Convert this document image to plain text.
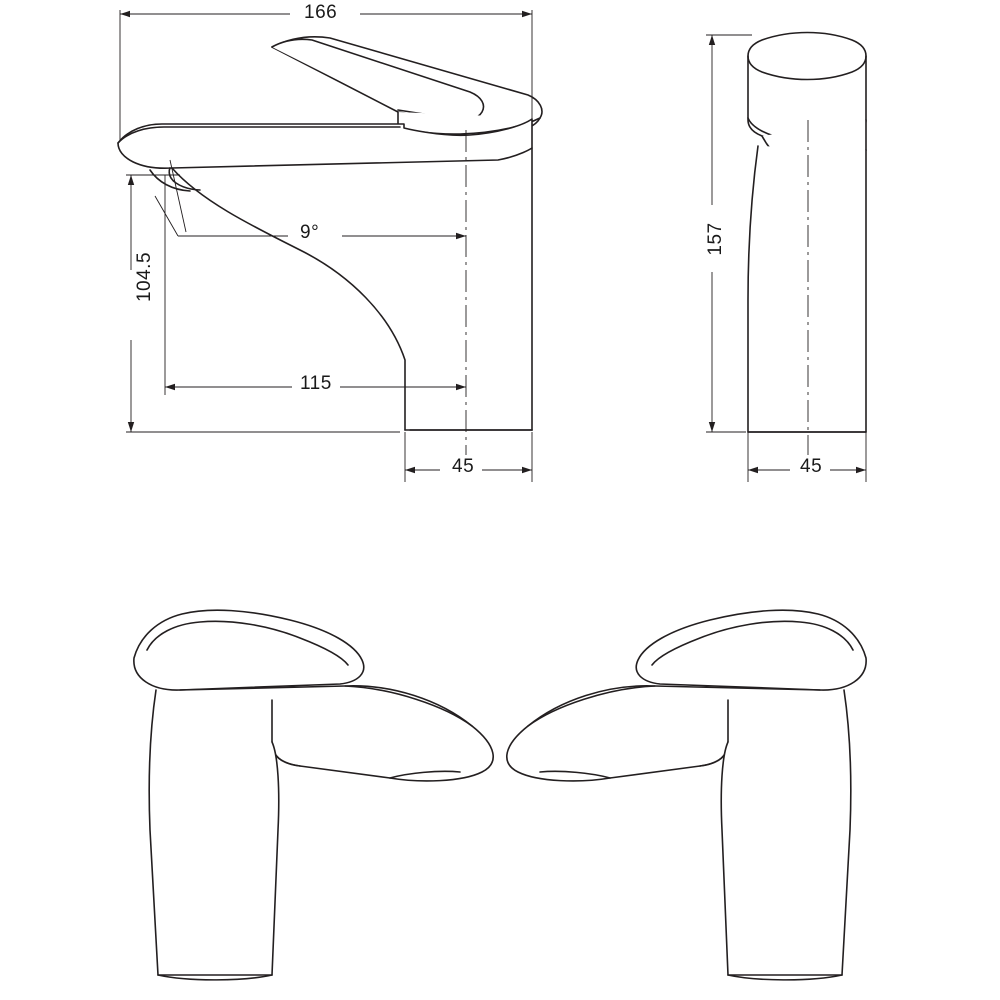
166
104.5
115
45
9°	157
45
